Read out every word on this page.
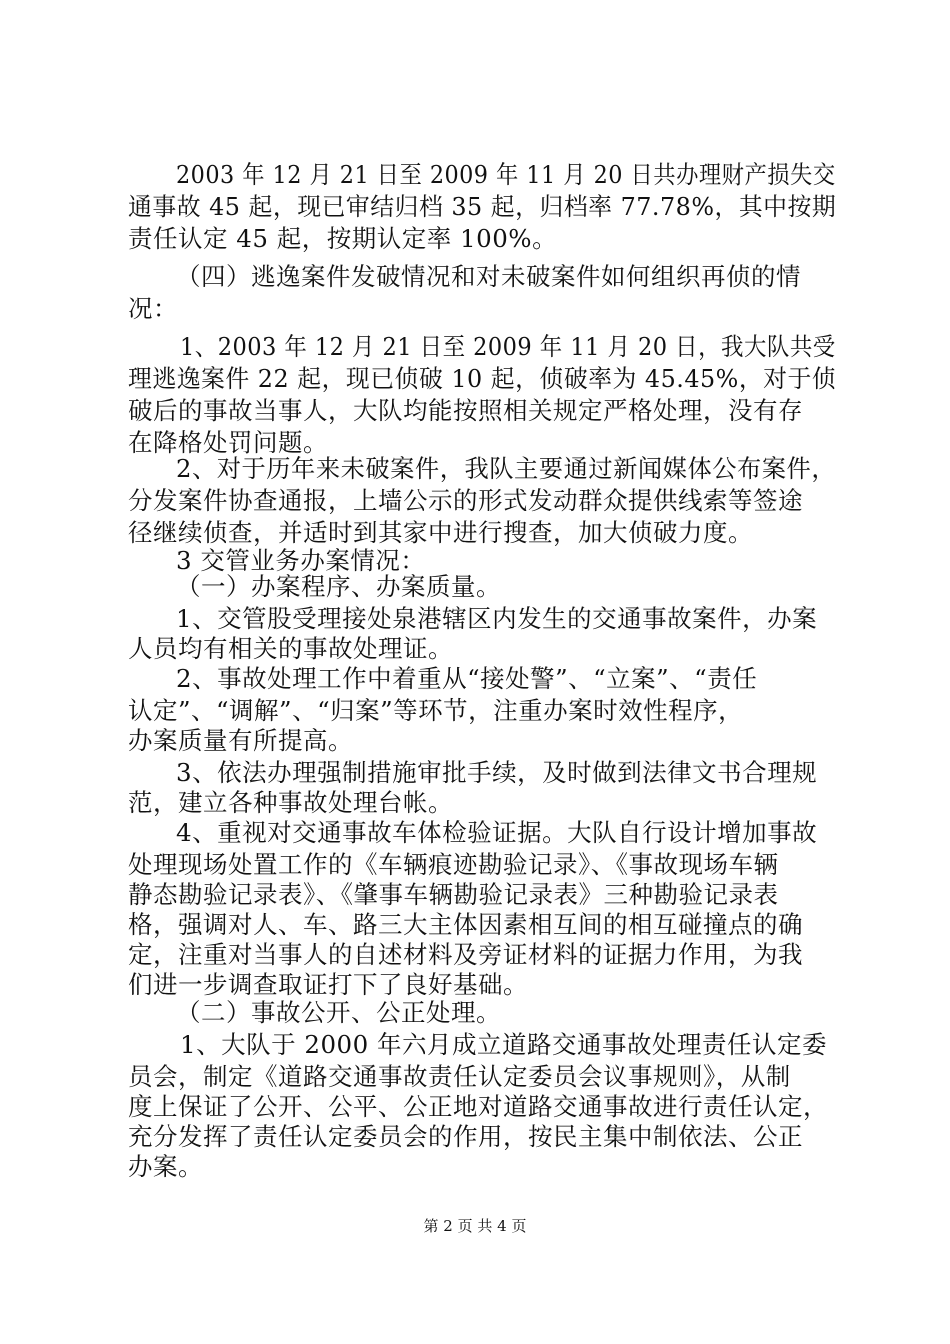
2003 年 12 月 21 日至 2009 年 11 月 20 日共办理财产损失交
通事故 45 起，现已审结归档 35 起，归档率 77.78%，其中按期
责任认定 45 起，按期认定率 100%。
（四）逃逸案件发破情况和对未破案件如何组织再侦的情
况：
1、2003 年 12 月 21 日至 2009 年 11 月 20 日，我大队共受
理逃逸案件 22 起，现已侦破 10 起，侦破率为 45.45%，对于侦
破后的事故当事人，大队均能按照相关规定严格处理，没有存
在降格处罚问题。
2、对于历年来未破案件，我队主要通过新闻媒体公布案件，
分发案件协查通报，上墙公示的形式发动群众提供线索等签途
径继续侦查，并适时到其家中进行搜查，加大侦破力度。
3 交管业务办案情况：
（一）办案程序、办案质量。
1、交管股受理接处泉港辖区内发生的交通事故案件，办案
人员均有相关的事故处理证。
2、事故处理工作中着重从“接处警”、“立案”、“责任
认定”、“调解”、“归案”等环节，注重办案时效性程序，
办案质量有所提高。
3、依法办理强制措施审批手续，及时做到法律文书合理规
范，建立各种事故处理台帐。
4、重视对交通事故车体检验证据。大队自行设计增加事故
处理现场处置工作的《车辆痕迹勘验记录》、《事故现场车辆
静态勘验记录表》、《肇事车辆勘验记录表》三种勘验记录表
格，强调对人、车、路三大主体因素相互间的相互碰撞点的确
定，注重对当事人的自述材料及旁证材料的证据力作用，为我
们进一步调查取证打下了良好基础。
（二）事故公开、公正处理。
1、大队于 2000 年六月成立道路交通事故处理责任认定委
员会，制定《道路交通事故责任认定委员会议事规则》，从制
度上保证了公开、公平、公正地对道路交通事故进行责任认定，
充分发挥了责任认定委员会的作用，按民主集中制依法、公正
办案。
第 2 页 共 4 页
